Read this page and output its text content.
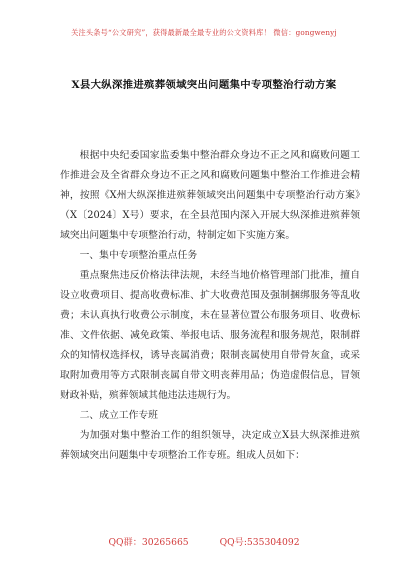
关注头条号“公文研究”，获得最新最全最专业的公文资料库！ 微信：gongwenyj
X县大纵深推进殡葬领域突出问题集中专项整治行动方案

根据中央纪委国家监委集中整治群众身边不正之风和腐败问题工作推进会及全省群众身边不正之风和腐败问题集中整治工作推进会精神，按照《X州大纵深推进殡葬领域突出问题集中专项整治行动方案》（X〔2024〕X号）要求，在全县范围内深入开展大纵深推进殡葬领域突出问题集中专项整治行动，特制定如下实施方案。

一、集中专项整治重点任务

重点聚焦违反价格法律法规，未经当地价格管理部门批准，擅自设立收费项目、提高收费标准、扩大收费范围及强制捆绑服务等乱收费；未认真执行收费公示制度，未在显著位置公布服务项目、收费标准、文件依据、减免政策、举报电话、服务流程和服务规范，限制群众的知情权选择权，诱导丧属消费；限制丧属使用自带骨灰盒，或采取附加费用等方式限制丧属自带文明丧葬用品；伪造虚假信息，冒领财政补贴，殡葬领域其他违法违规行为。

二、成立工作专班

为加强对集中整治工作的组织领导，决定成立X县大纵深推进殡葬领域突出问题集中专项整治工作专班。组成人员如下：

QQ群：30265665	QQ号:535304092
